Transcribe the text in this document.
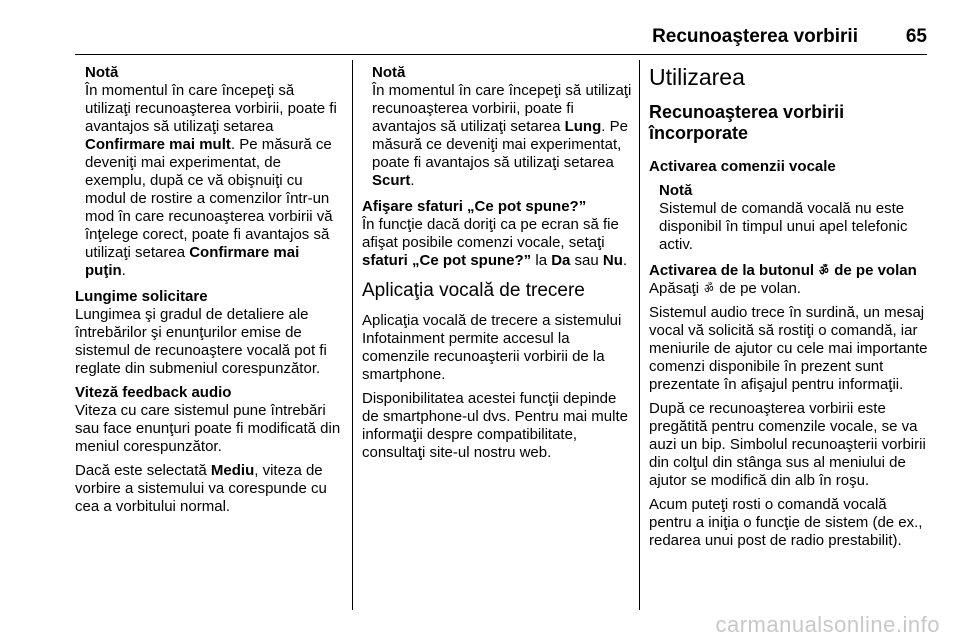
Recunoaşterea vorbirii	65
Notă
În momentul în care începeţi să utilizaţi recunoaşterea vorbirii, poate fi avantajos să utilizaţi setarea Confirmare mai mult. Pe măsură ce deveniţi mai experimentat, de exemplu, după ce vă obişnuiţi cu modul de rostire a comenzilor într-un mod în care recunoaşterea vorbirii vă înţelege corect, poate fi avantajos să utilizaţi setarea Confirmare mai puţin.
Lungime solicitare

Lungimea şi gradul de detaliere ale întrebărilor şi enunţurilor emise de sistemul de recunoaştere vocală pot fi reglate din submeniul corespunzător.

Viteză feedback audio

Viteza cu care sistemul pune întrebări sau face enunţuri poate fi modificată din meniul corespunzător.

Dacă este selectată Mediu, viteza de vorbire a sistemului va corespunde cu cea a vorbitului normal.

Notă
În momentul în care începeţi să utilizaţi recunoaşterea vorbirii, poate fi avantajos să utilizaţi setarea Lung. Pe măsură ce deveniţi mai experimentat, poate fi avantajos să utilizaţi setarea Scurt.
Afişare sfaturi „Ce pot spune?”

În funcţie dacă doriţi ca pe ecran să fie afişat posibile comenzi vocale, setaţi sfaturi „Ce pot spune?” la Da sau Nu.

Aplicaţia vocală de trecere

Aplicaţia vocală de trecere a sistemului Infotainment permite accesul la comenzile recunoaşterii vorbirii de la smartphone.

Disponibilitatea acestei funcţii depinde de smartphone-ul dvs. Pentru mai multe informaţii despre compatibilitate, consultaţi site-ul nostru web.

Utilizarea
Recunoaşterea vorbirii încorporate
Activarea comenzii vocale
Notă
Sistemul de comandă vocală nu este disponibil în timpul unui apel telefonic activ.
Activarea de la butonul ॐ de pe volan

Apăsaţi ॐ de pe volan.

Sistemul audio trece în surdină, un mesaj vocal vă solicită să rostiţi o comandă, iar meniurile de ajutor cu cele mai importante comenzi disponibile în prezent sunt prezentate în afişajul pentru informaţii.

După ce recunoaşterea vorbirii este pregătită pentru comenzile vocale, se va auzi un bip. Simbolul recunoaşterii vorbirii din colţul din stânga sus al meniului de ajutor se modifică din alb în roşu.

Acum puteţi rosti o comandă vocală pentru a iniţia o funcţie de sistem (de ex., redarea unui post de radio prestabilit).

carmanualsonline.info
